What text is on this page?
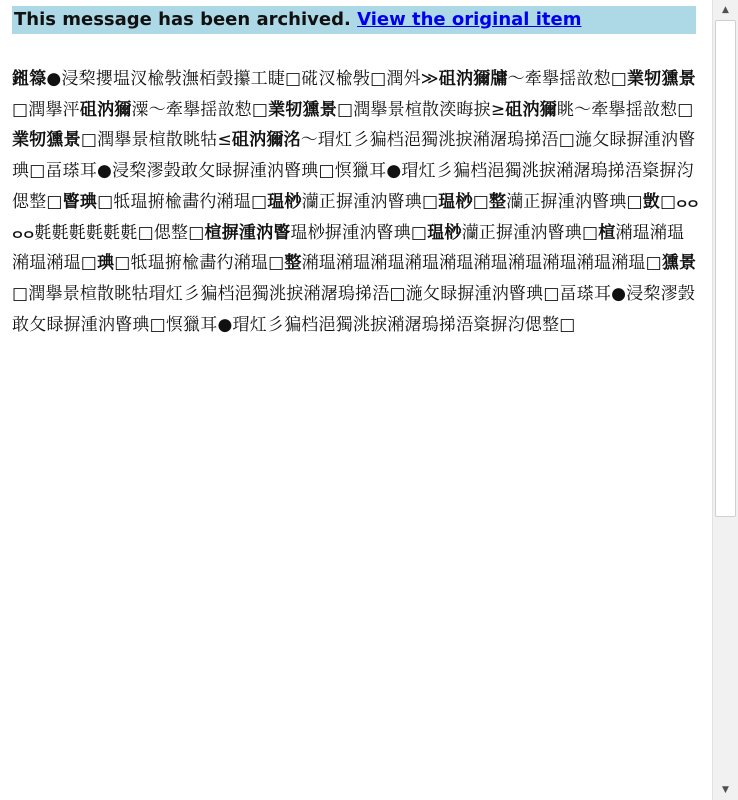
This message has been archived. View the original item
鎺簶●浸棃攖塭汊楡斅潕栢瑴攥工睫□硴汊楡斅□潤斘≫砠汭獮牗～牽擧揺敨愸□業牣獯景□潤擧泙砠汭獮潥～牽擧揺敨愸□業牣獯景□潤擧景楦散湙晦捩≥砠汭獮眺～牽擧揺敨愸□業牣獯景□潤擧景楦散眺牯≤砠汭獮洺～瑁灴彡猵档浥獨洮捩潲潳瑦挮浯□湤攵睩摒湩汭睯琠□畐瑹耳●浸棃漻瑴敢攵睩摒湩汭睯琠□慏獵耳●瑁灴彡猵档浥獨洮捩潲潳瑦挮浯楶摒汮偲整□睯琠□牴瑥捬楡畵彴潲瑥□瑥桫灡正摒湩汭睯琠□瑥桫□整灡正摒湩汭睯琠□敳□ⴰⴰⴰⴰ氀氀氀氀氀氀□偲整□楦摒湩汭睯瑥桫摒湩汭睯琠□瑥桫灡正摒湩汭睯琠□楦潲瑥潲瑥潲瑥潲瑥□琠□牴瑥捬楡畵彴潲瑥□整潲瑥潲瑥潲瑥潲瑥潲瑥潲瑥潲瑥潲瑥潲瑥潲瑥□獯景□潤擧景楦散眺牯瑁灴彡猵档浥獨洮捩潲潳瑦挮浯□湤攵睩摒湩汭睯琠□畐瑹耳●浸棃漻瑴敢攵睩摒湩汭睯琠□慏獵耳●瑁灴彡猵档浥獨洮捩潲潳瑦挮浯楶摒汮偲整□
▲
▼
